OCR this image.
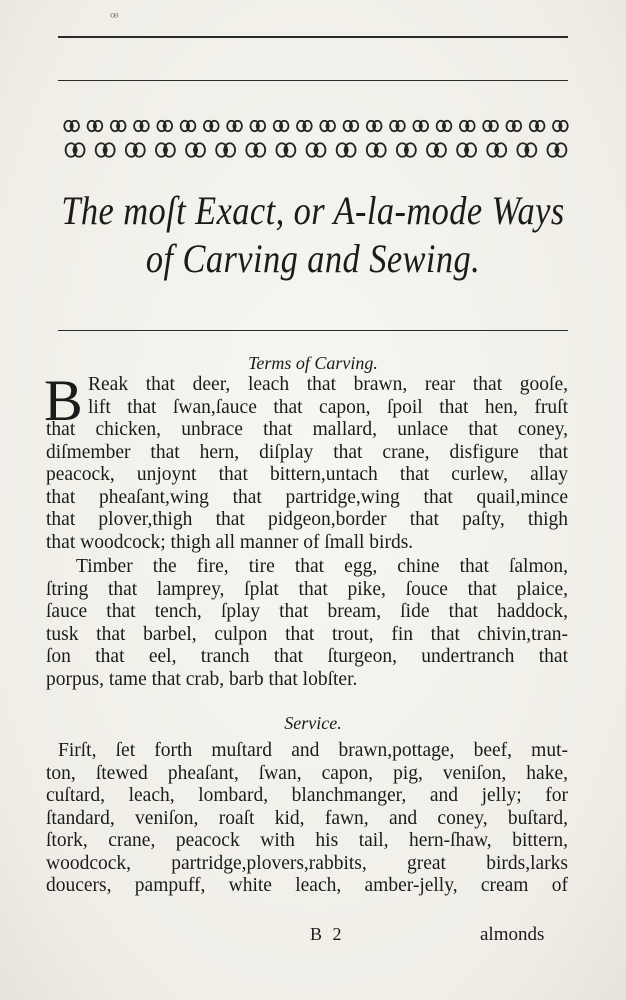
ꟹ
The moſt Exact, or A-la-mode Ways
of Carving and Sewing.
Terms of Carving.
B Reak that deer, leach that brawn, rear that gooſe,
lift that ſwan,ſauce that capon, ſpoil that hen, fruſt
that chicken, unbrace that mallard, unlace that coney,
diſmember that hern, diſplay that crane, disfigure that
peacock, unjoynt that bittern,untach that curlew, allay
that pheaſant,wing that partridge,wing that quail,mince
that plover,thigh that pidgeon,border that paſty, thigh
that woodcock; thigh all manner of ſmall birds.
Timber the fire, tire that egg, chine that ſalmon,
ſtring that lamprey, ſplat that pike, ſouce that plaice,
ſauce that tench, ſplay that bream, ſide that haddock,
tusk that barbel, culpon that trout, fin that chivin,tran-
ſon that eel, tranch that ſturgeon, undertranch that
porpus, tame that crab, barb that lobſter.
Service.
Firſt, ſet forth muſtard and brawn,pottage, beef, mut-
ton, ſtewed pheaſant, ſwan, capon, pig, veniſon, hake,
cuſtard, leach, lombard, blanchmanger, and jelly; for
ſtandard, veniſon, roaſt kid, fawn, and coney, buſtard,
ſtork, crane, peacock with his tail, hern-ſhaw, bittern,
woodcock, partridge,plovers,rabbits, great birds,larks
doucers, pampuff, white leach, amber-jelly, cream of
B 2	almonds
